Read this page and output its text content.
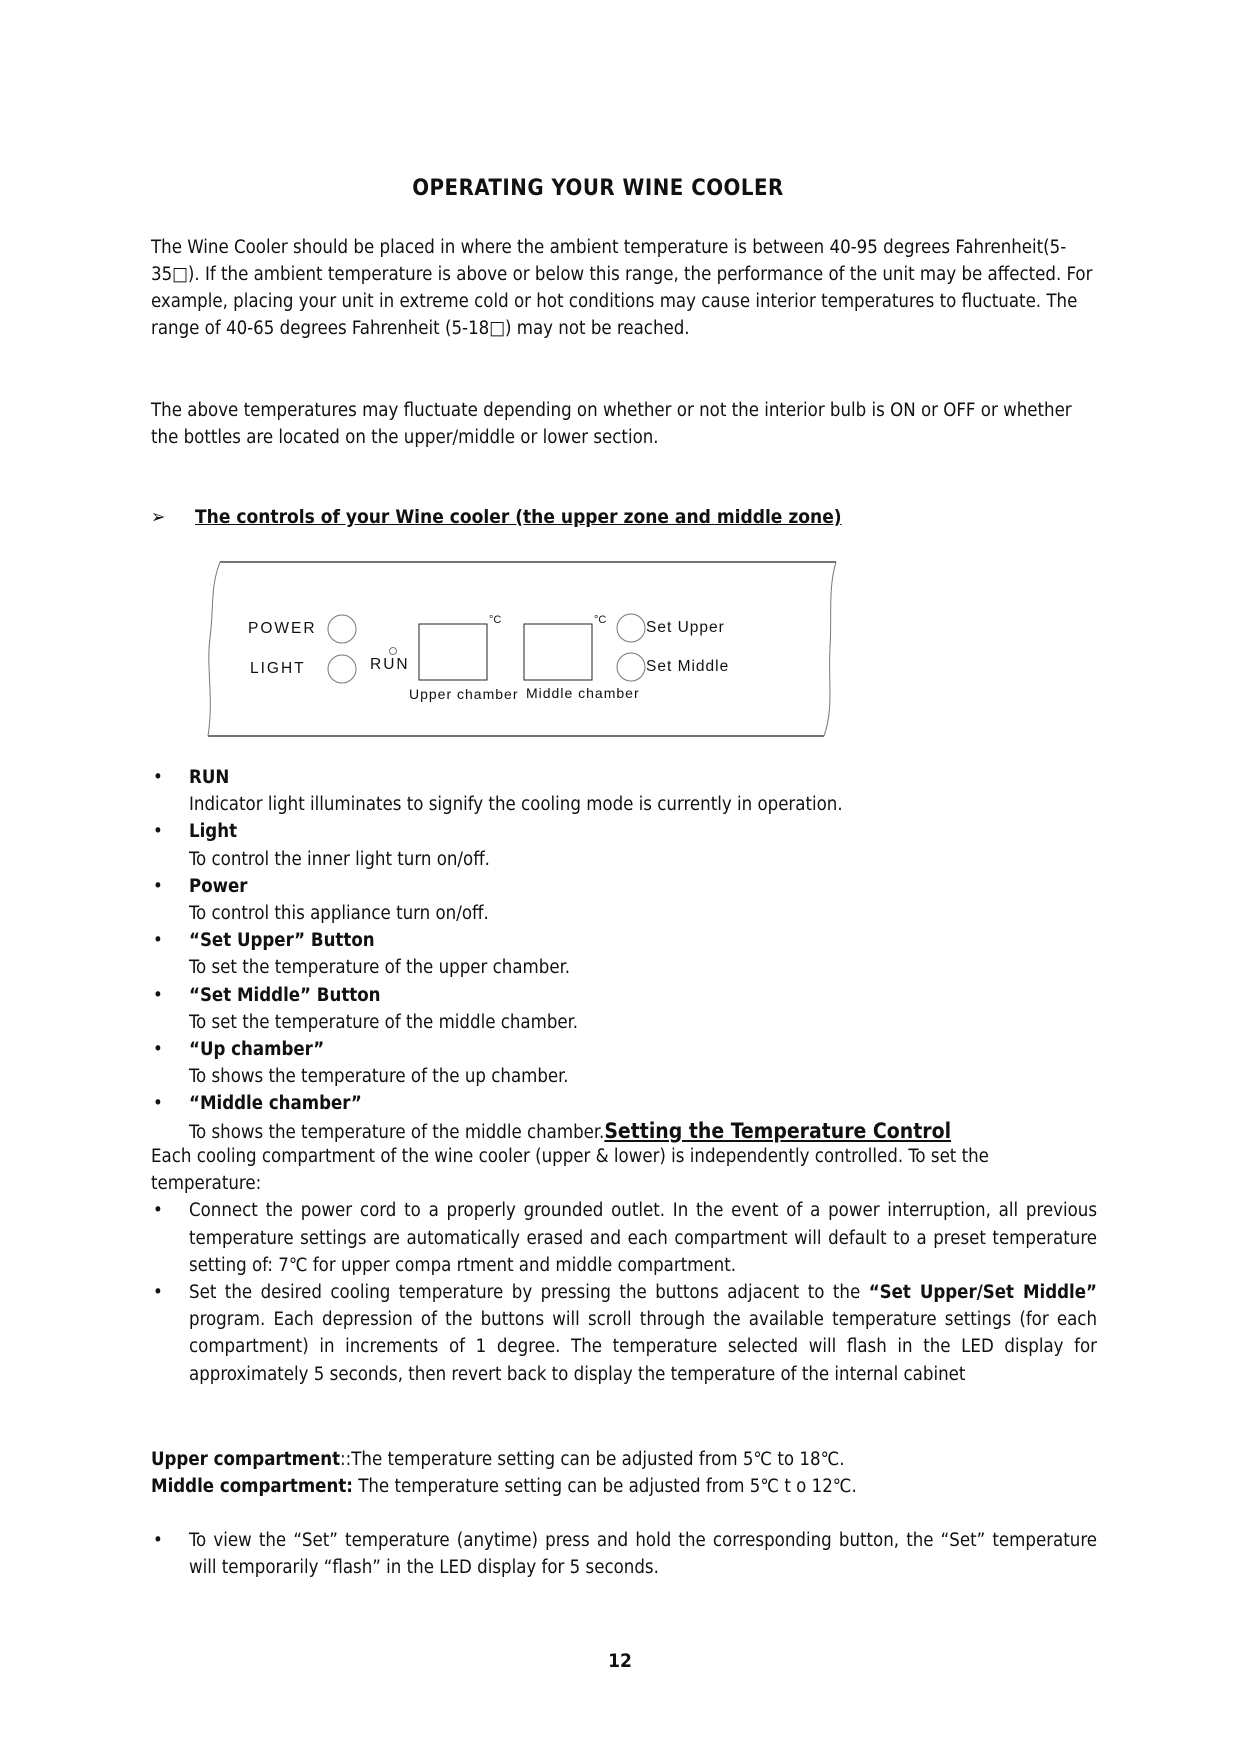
OPERATING YOUR WINE COOLER
The Wine Cooler should be placed in where the ambient temperature is between 40-95 degrees Fahrenheit(5-35□). If the ambient temperature is above or below this range, the performance of the unit may be affected. For example, placing your unit in extreme cold or hot conditions may cause interior temperatures to fluctuate. The range of 40-65 degrees Fahrenheit (5-18□) may not be reached.
The above temperatures may fluctuate depending on whether or not the interior bulb is ON or OFF or whether the bottles are located on the upper/middle or lower section.
➢ The controls of your Wine cooler (the upper zone and middle zone)
POWER
LIGHT	RUN
°C
Upper chamber
°C
Middle chamber
Set Upper
Set Middle
• RUN
Indicator light illuminates to signify the cooling mode is currently in operation.
• Light
To control the inner light turn on/off.
• Power
To control this appliance turn on/off.
• “Set Upper” Button
To set the temperature of the upper chamber.
• “Set Middle” Button
To set the temperature of the middle chamber.
• “Up chamber”
To shows the temperature of the up chamber.
• “Middle chamber”
To shows the temperature of the middle chamber.Setting the Temperature Control
Each cooling compartment of the wine cooler (upper & lower) is independently controlled. To set the temperature:
• Connect the power cord to a properly grounded outlet. In the event of a power interruption, all previous temperature settings are automatically erased and each compartment will default to a preset temperature setting of: 7℃ for upper compa rtment and middle compartment.
• Set the desired cooling temperature by pressing the buttons adjacent to the “Set Upper/Set Middle” program. Each depression of the buttons will scroll through the available temperature settings (for each compartment) in increments of 1 degree. The temperature selected will flash in the LED display for approximately 5 seconds, then revert back to display the temperature of the internal cabinet
Upper compartment::The temperature setting can be adjusted from 5℃ to 18℃.
Middle compartment: The temperature setting can be adjusted from 5℃ t o 12℃.
• To view the “Set” temperature (anytime) press and hold the corresponding button, the “Set” temperature will temporarily “flash” in the LED display for 5 seconds.
12
